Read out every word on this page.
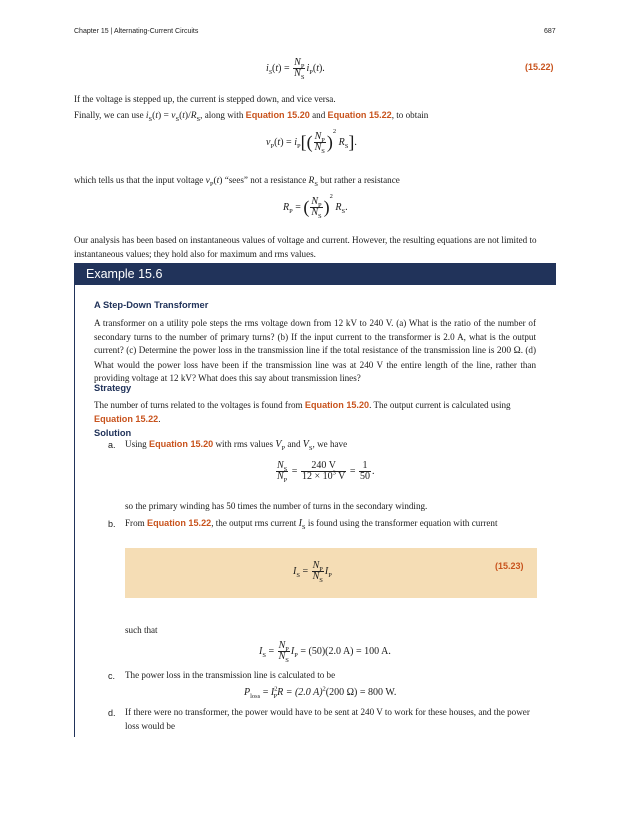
Chapter 15 | Alternating-Current Circuits	687
$i_S(t) = \frac{N_P}{N_S} i_P(t)$.	(15.22)
If the voltage is stepped up, the current is stepped down, and vice versa.
Finally, we can use $i_S(t) = v_S(t)/R_S$, along with Equation 15.20 and Equation 15.22, to obtain
$v_P(t) = i_P[( \frac{N_P}{N_S} )^2$ $R_S$].
which tells us that the input voltage $v_P(t)$ “sees” not a resistance $R_S$ but rather a resistance
$R_P$ = ( $\frac{N_P}{N_S} )^2$ $R_S$.
Our analysis has been based on instantaneous values of voltage and current. However, the resulting equations are not limited to instantaneous values; they hold also for maximum and rms values.
Example 15.6
A Step-Down Transformer
A transformer on a utility pole steps the rms voltage down from 12 kV to 240 V. (a) What is the ratio of the number of secondary turns to the number of primary turns? (b) If the input current to the transformer is 2.0 A, what is the output current? (c) Determine the power loss in the transmission line if the total resistance of the transmission line is 200 Ω. (d) What would the power loss have been if the transmission line was at 240 V the entire length of the line, rather than providing voltage at 12 kV? What does this say about transmission lines?
Strategy
The number of turns related to the voltages is found from Equation 15.20. The output current is calculated using Equation 15.22.
Solution
a. Using Equation 15.20 with rms values $V_P$ and $V_S$, we have
$\frac{N_S}{N_P} = \frac{240 V}{12 \times 10^3 V} = \frac{1}{50}$ .
so the primary winding has 50 times the number of turns in the secondary winding.
b. From Equation 15.22, the output rms current $I_S$ is found using the transformer equation with current
$I_S = \frac{N_P}{N_S} I_P$
(15.23)
such that
$I_S = \frac{N_P}{N_S} I_P = (50)(2.0$ A) = 100 A.
c. The power loss in the transmission line is calculated to be
$P_{loss} = I^2_PR = (2.0$ A)$^2$(200 Ω) = 800 W.
d. If there were no transformer, the power would have to be sent at 240 V to work for these houses, and the power loss would be
